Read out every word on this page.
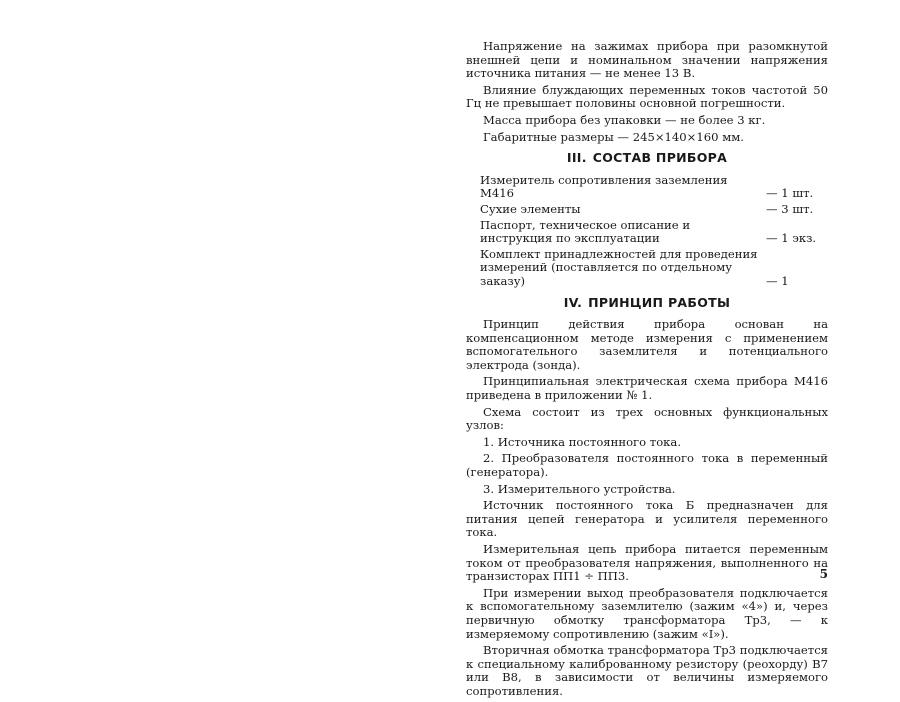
Напряжение на зажимах прибора при разомкнутой внешней цепи и номинальном значении напряжения источника питания — не менее 13 В.

Влияние блуждающих переменных токов частотой 50 Гц не превышает половины основной погрешности.

Масса прибора без упаковки — не более 3 кг.

Габаритные размеры — 245×140×160 мм.

III. СОСТАВ ПРИБОРА
Измеритель сопротивления заземления М416	— 1 шт.
Сухие элементы	— 3 шт.
Паспорт, техническое описание и инструкция по эксплуатации	— 1 экз.
Комплект принадлежностей для проведения измерений (поставляется по отдельному заказу)	— 1
IV. ПРИНЦИП РАБОТЫ

Принцип действия прибора основан на компенсационном методе измерения с применением вспомогательного заземлителя и потенциального электрода (зонда).

Принципиальная электрическая схема прибора М416 приведена в приложении № 1.

Схема состоит из трех основных функциональных узлов:

1. Источника постоянного тока.

2. Преобразователя постоянного тока в переменный (генератора).

3. Измерительного устройства.

Источник постоянного тока Б предназначен для питания цепей генератора и усилителя переменного тока.

Измерительная цепь прибора питается переменным током от преобразователя напряжения, выполненного на транзисторах ПП1 ÷ ПП3.

При измерении выход преобразователя подключается к вспомогательному заземлителю (зажим «4») и, через первичную обмотку трансформатора Тр3, — к измеряемому сопротивлению (зажим «I»).

Вторичная обмотка трансформатора Тр3 подключается к специальному калиброванному резистору (реохорду) В7 или В8, в зависимости от величины измеряемого сопротивления.

5
